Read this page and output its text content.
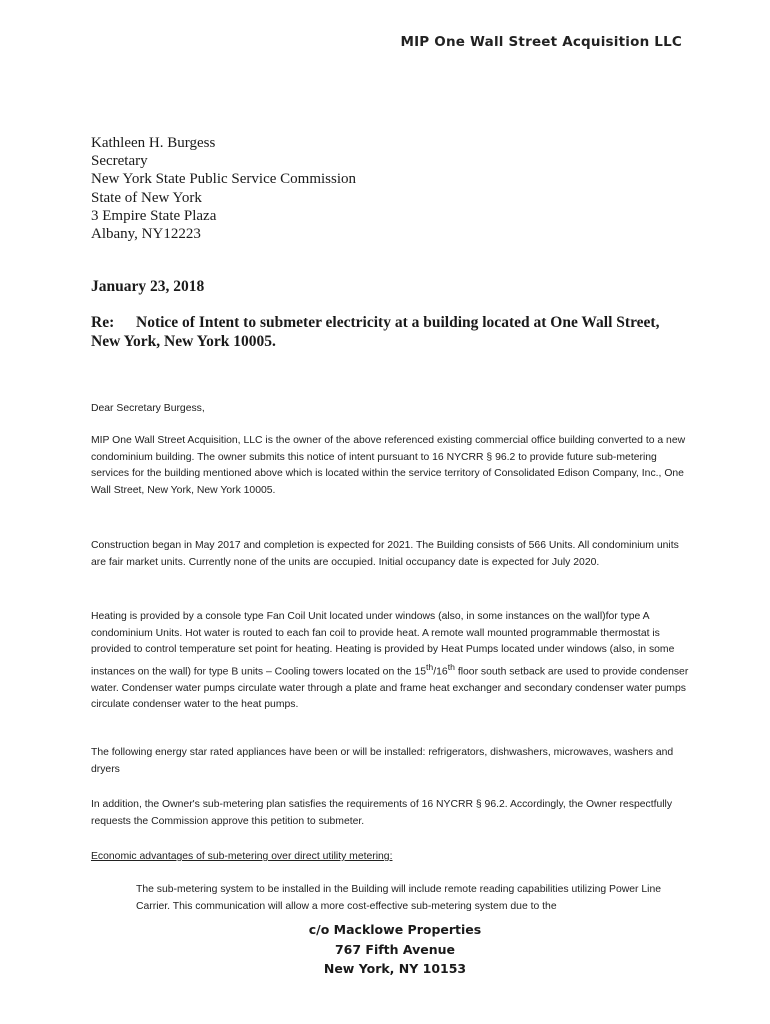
MIP One Wall Street Acquisition LLC
Kathleen H. Burgess
Secretary
New York State Public Service Commission
State of New York
3 Empire State Plaza
Albany, NY12223
January 23, 2018
Re: Notice of Intent to submeter electricity at a building located at One Wall Street, New York, New York 10005.
Dear Secretary Burgess,
MIP One Wall Street Acquisition, LLC is the owner of the above referenced existing commercial office building converted to a new condominium building. The owner submits this notice of intent pursuant to 16 NYCRR § 96.2 to provide future sub-metering services for the building mentioned above which is located within the service territory of Consolidated Edison Company, Inc., One Wall Street, New York, New York 10005.
Construction began in May 2017 and completion is expected for 2021. The Building consists of 566 Units. All condominium units are fair market units. Currently none of the units are occupied. Initial occupancy date is expected for July 2020.
Heating is provided by a console type Fan Coil Unit located under windows (also, in some instances on the wall)for type A condominium Units. Hot water is routed to each fan coil to provide heat. A remote wall mounted programmable thermostat is provided to control temperature set point for heating. Heating is provided by Heat Pumps located under windows (also, in some instances on the wall) for type B units – Cooling towers located on the 15th/16th floor south setback are used to provide condenser water. Condenser water pumps circulate water through a plate and frame heat exchanger and secondary condenser water pumps circulate condenser water to the heat pumps.
The following energy star rated appliances have been or will be installed: refrigerators, dishwashers, microwaves, washers and dryers
In addition, the Owner's sub-metering plan satisfies the requirements of 16 NYCRR § 96.2. Accordingly, the Owner respectfully requests the Commission approve this petition to submeter.
Economic advantages of sub-metering over direct utility metering:
The sub-metering system to be installed in the Building will include remote reading capabilities utilizing Power Line Carrier. This communication will allow a more cost-effective sub-metering system due to the
c/o Macklowe Properties
767 Fifth Avenue
New York, NY 10153
